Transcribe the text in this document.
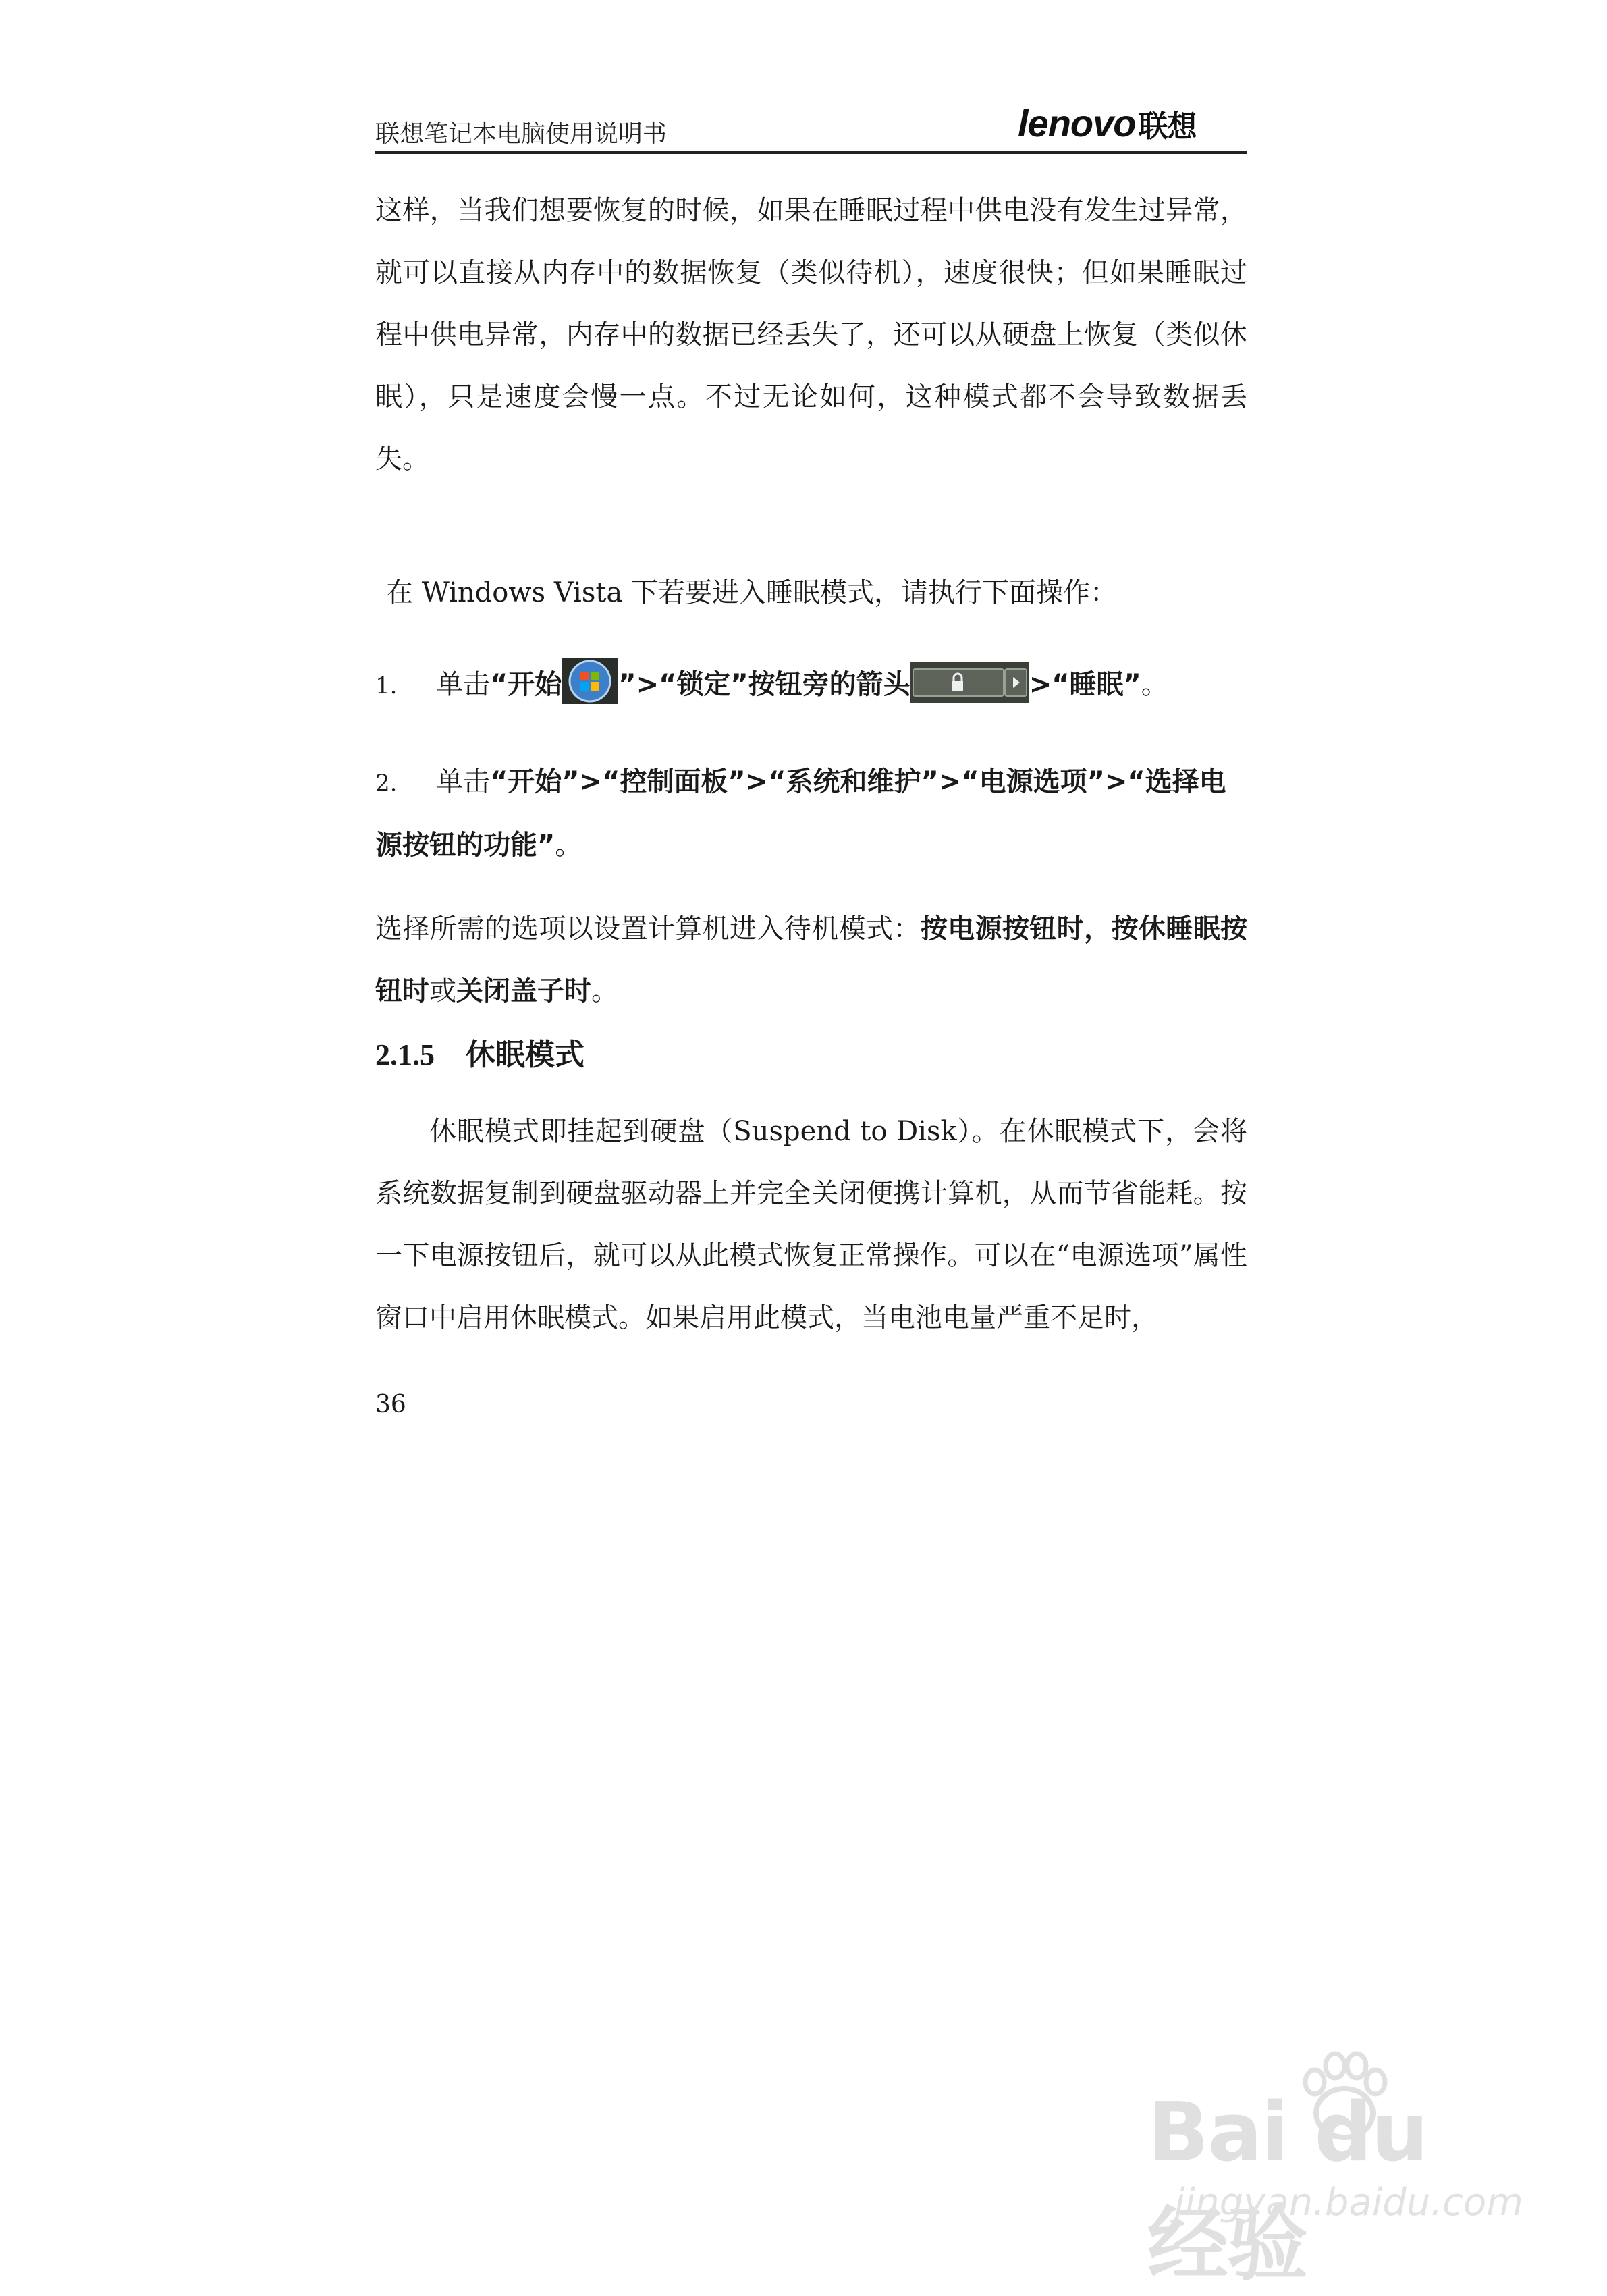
联想笔记本电脑使用说明书	lenovo联想
这样，当我们想要恢复的时候，如果在睡眠过程中供电没有发生过异常，就可以直接从内存中的数据恢复（类似待机），速度很快；但如果睡眠过程中供电异常，内存中的数据已经丢失了，还可以从硬盘上恢复（类似休眠），只是速度会慢一点。不过无论如何，这种模式都不会导致数据丢失。
在 Windows Vista 下若要进入睡眠模式，请执行下面操作：
1. 单击“开始 ”>“锁定”按钮旁的箭头	>“睡眠”。
2. 单击“开始”>“控制面板”>“系统和维护”>“电源选项”>“选择电源按钮的功能”。
选择所需的选项以设置计算机进入待机模式：按电源按钮时，按休睡眠按钮时或关闭盖子时。
2.1.5 休眠模式
休眠模式即挂起到硬盘（Suspend to Disk）。在休眠模式下，会将系统数据复制到硬盘驱动器上并完全关闭便携计算机，从而节省能耗。按一下电源按钮后，就可以从此模式恢复正常操作。可以在“电源选项”属性窗口中启用休眠模式。如果启用此模式，当电池电量严重不足时，
36
Bai du 经验
jingyan.baidu.com
